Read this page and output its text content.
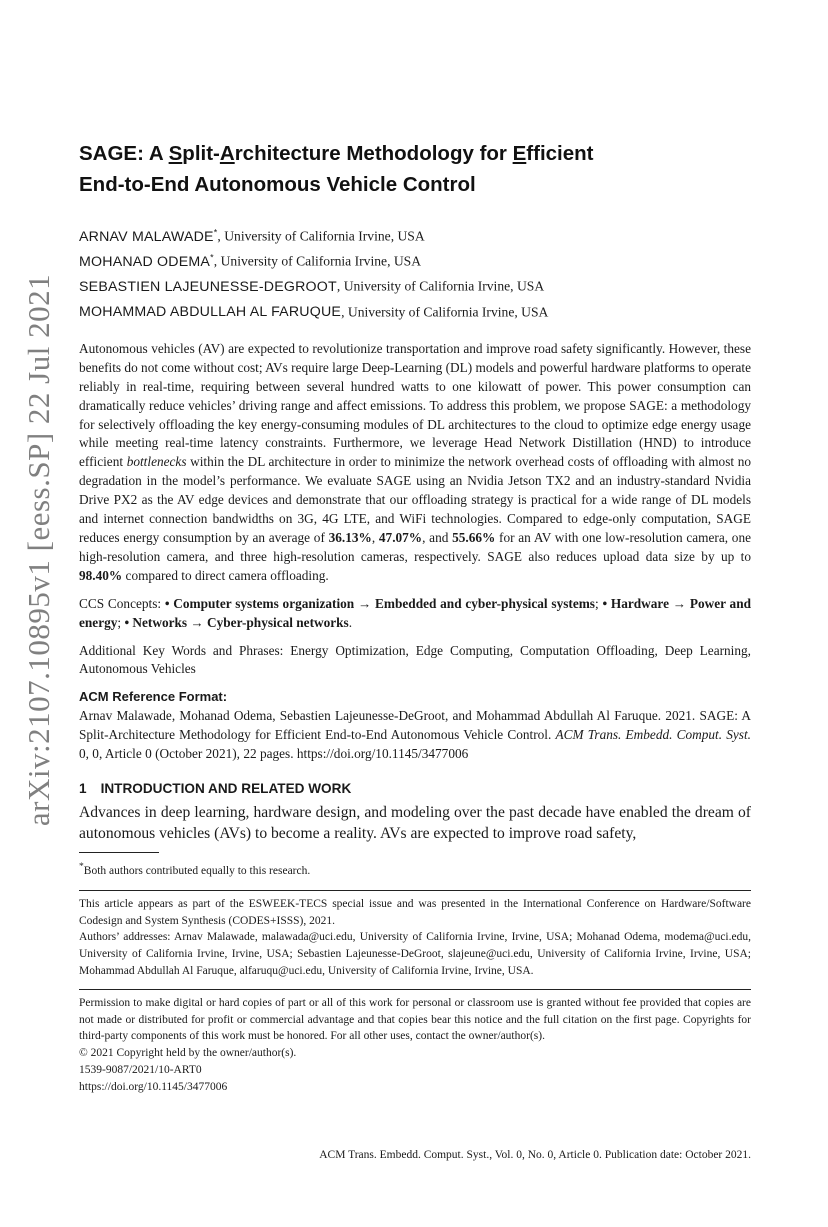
arXiv:2107.10895v1 [eess.SP] 22 Jul 2021
SAGE: A Split-Architecture Methodology for Efficient
End-to-End Autonomous Vehicle Control
ARNAV MALAWADE*, University of California Irvine, USA
MOHANAD ODEMA*, University of California Irvine, USA
SEBASTIEN LAJEUNESSE-DEGROOT, University of California Irvine, USA
MOHAMMAD ABDULLAH AL FARUQUE, University of California Irvine, USA

Autonomous vehicles (AV) are expected to revolutionize transportation and improve road safety significantly. However, these benefits do not come without cost; AVs require large Deep-Learning (DL) models and powerful hardware platforms to operate reliably in real-time, requiring between several hundred watts to one kilowatt of power. This power consumption can dramatically reduce vehicles’ driving range and affect emissions. To address this problem, we propose SAGE: a methodology for selectively offloading the key energy-consuming modules of DL architectures to the cloud to optimize edge energy usage while meeting real-time latency constraints. Furthermore, we leverage Head Network Distillation (HND) to introduce efficient bottlenecks within the DL architecture in order to minimize the network overhead costs of offloading with almost no degradation in the model’s performance. We evaluate SAGE using an Nvidia Jetson TX2 and an industry-standard Nvidia Drive PX2 as the AV edge devices and demonstrate that our offloading strategy is practical for a wide range of DL models and internet connection bandwidths on 3G, 4G LTE, and WiFi technologies. Compared to edge-only computation, SAGE reduces energy consumption by an average of 36.13%, 47.07%, and 55.66% for an AV with one low-resolution camera, one high-resolution camera, and three high-resolution cameras, respectively. SAGE also reduces upload data size by up to 98.40% compared to direct camera offloading.

CCS Concepts: • Computer systems organization → Embedded and cyber-physical systems; • Hardware → Power and energy; • Networks → Cyber-physical networks.

Additional Key Words and Phrases: Energy Optimization, Edge Computing, Computation Offloading, Deep Learning, Autonomous Vehicles

ACM Reference Format:

Arnav Malawade, Mohanad Odema, Sebastien Lajeunesse-DeGroot, and Mohammad Abdullah Al Faruque. 2021. SAGE: A Split-Architecture Methodology for Efficient End-to-End Autonomous Vehicle Control. ACM Trans. Embedd. Comput. Syst. 0, 0, Article 0 (October 2021), 22 pages. https://doi.org/10.1145/3477006

1 INTRODUCTION AND RELATED WORK

Advances in deep learning, hardware design, and modeling over the past decade have enabled the dream of autonomous vehicles (AVs) to become a reality. AVs are expected to improve road safety,

*Both authors contributed equally to this research.

This article appears as part of the ESWEEK-TECS special issue and was presented in the International Conference on Hardware/Software Codesign and System Synthesis (CODES+ISSS), 2021.

Authors’ addresses: Arnav Malawade, malawada@uci.edu, University of California Irvine, Irvine, USA; Mohanad Odema, modema@uci.edu, University of California Irvine, Irvine, USA; Sebastien Lajeunesse-DeGroot, slajeune@uci.edu, University of California Irvine, Irvine, USA; Mohammad Abdullah Al Faruque, alfaruqu@uci.edu, University of California Irvine, Irvine, USA.

Permission to make digital or hard copies of part or all of this work for personal or classroom use is granted without fee provided that copies are not made or distributed for profit or commercial advantage and that copies bear this notice and the full citation on the first page. Copyrights for third-party components of this work must be honored. For all other uses, contact the owner/author(s).

© 2021 Copyright held by the owner/author(s).

1539-9087/2021/10-ART0

https://doi.org/10.1145/3477006

ACM Trans. Embedd. Comput. Syst., Vol. 0, No. 0, Article 0. Publication date: October 2021.
